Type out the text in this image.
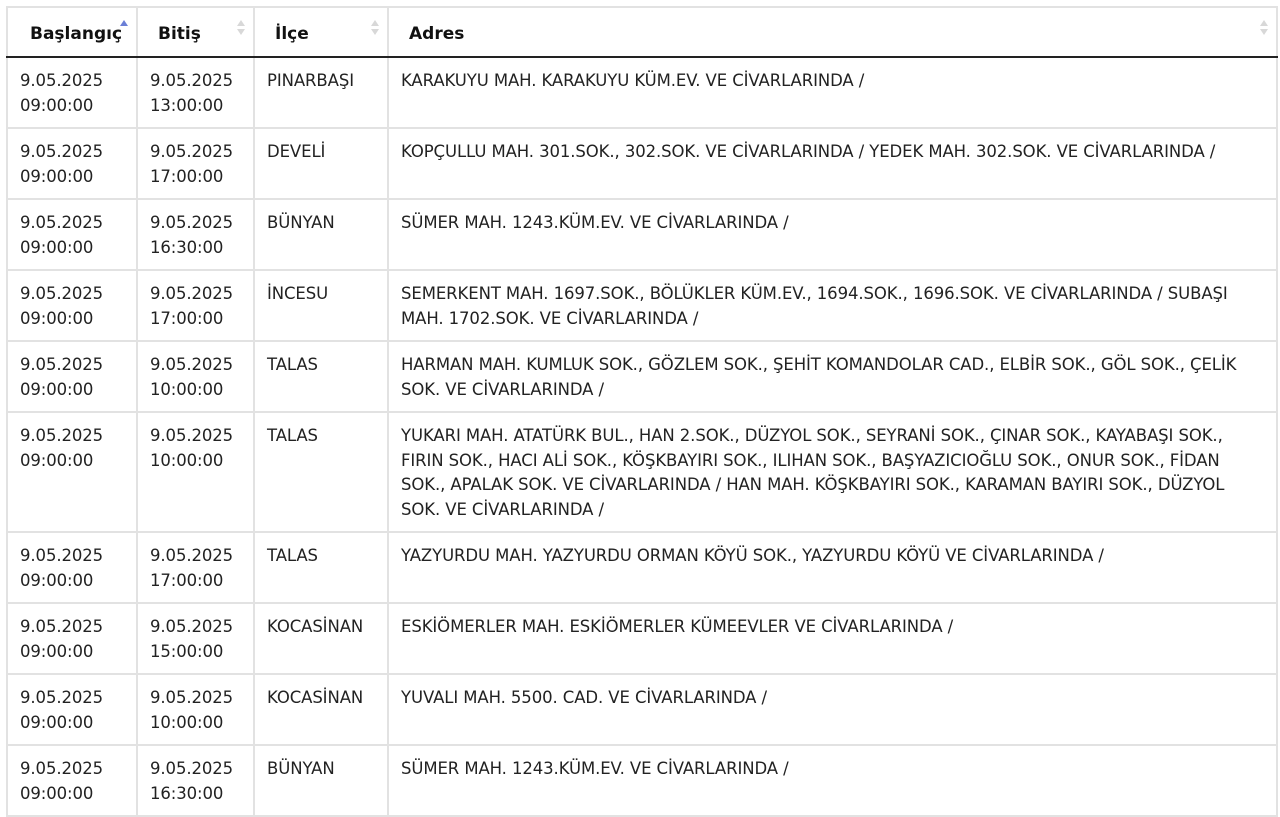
Başlangıç	Bitiş	İlçe	Adres

9.05.2025
09:00:00	9.05.2025
13:00:00	PINARBAŞI	KARAKUYU MAH. KARAKUYU KÜM.EV. VE CİVARLARINDA /

9.05.2025
09:00:00	9.05.2025
17:00:00	DEVELİ	KOPÇULLU MAH. 301.SOK., 302.SOK. VE CİVARLARINDA / YEDEK MAH. 302.SOK. VE CİVARLARINDA /

9.05.2025
09:00:00	9.05.2025
16:30:00	BÜNYAN	SÜMER MAH. 1243.KÜM.EV. VE CİVARLARINDA /

9.05.2025
09:00:00	9.05.2025
17:00:00	İNCESU	SEMERKENT MAH. 1697.SOK., BÖLÜKLER KÜM.EV., 1694.SOK., 1696.SOK. VE CİVARLARINDA / SUBAŞI MAH. 1702.SOK. VE CİVARLARINDA /

9.05.2025
09:00:00	9.05.2025
10:00:00	TALAS	HARMAN MAH. KUMLUK SOK., GÖZLEM SOK., ŞEHİT KOMANDOLAR CAD., ELBİR SOK., GÖL SOK., ÇELİK SOK. VE CİVARLARINDA /

9.05.2025
09:00:00	9.05.2025
10:00:00	TALAS	YUKARI MAH. ATATÜRK BUL., HAN 2.SOK., DÜZYOL SOK., SEYRANİ SOK., ÇINAR SOK., KAYABAŞI SOK., FIRIN SOK., HACI ALİ SOK., KÖŞKBAYIRI SOK., ILIHAN SOK., BAŞYAZICIOĞLU SOK., ONUR SOK., FİDAN SOK., APALAK SOK. VE CİVARLARINDA / HAN MAH. KÖŞKBAYIRI SOK., KARAMAN BAYIRI SOK., DÜZYOL SOK. VE CİVARLARINDA /

9.05.2025
09:00:00	9.05.2025
17:00:00	TALAS	YAZYURDU MAH. YAZYURDU ORMAN KÖYÜ SOK., YAZYURDU KÖYÜ VE CİVARLARINDA /

9.05.2025
09:00:00	9.05.2025
15:00:00	KOCASİNAN	ESKİÖMERLER MAH. ESKİÖMERLER KÜMEEVLER VE CİVARLARINDA /

9.05.2025
09:00:00	9.05.2025
10:00:00	KOCASİNAN	YUVALI MAH. 5500. CAD. VE CİVARLARINDA /

9.05.2025
09:00:00	9.05.2025
16:30:00	BÜNYAN	SÜMER MAH. 1243.KÜM.EV. VE CİVARLARINDA /
